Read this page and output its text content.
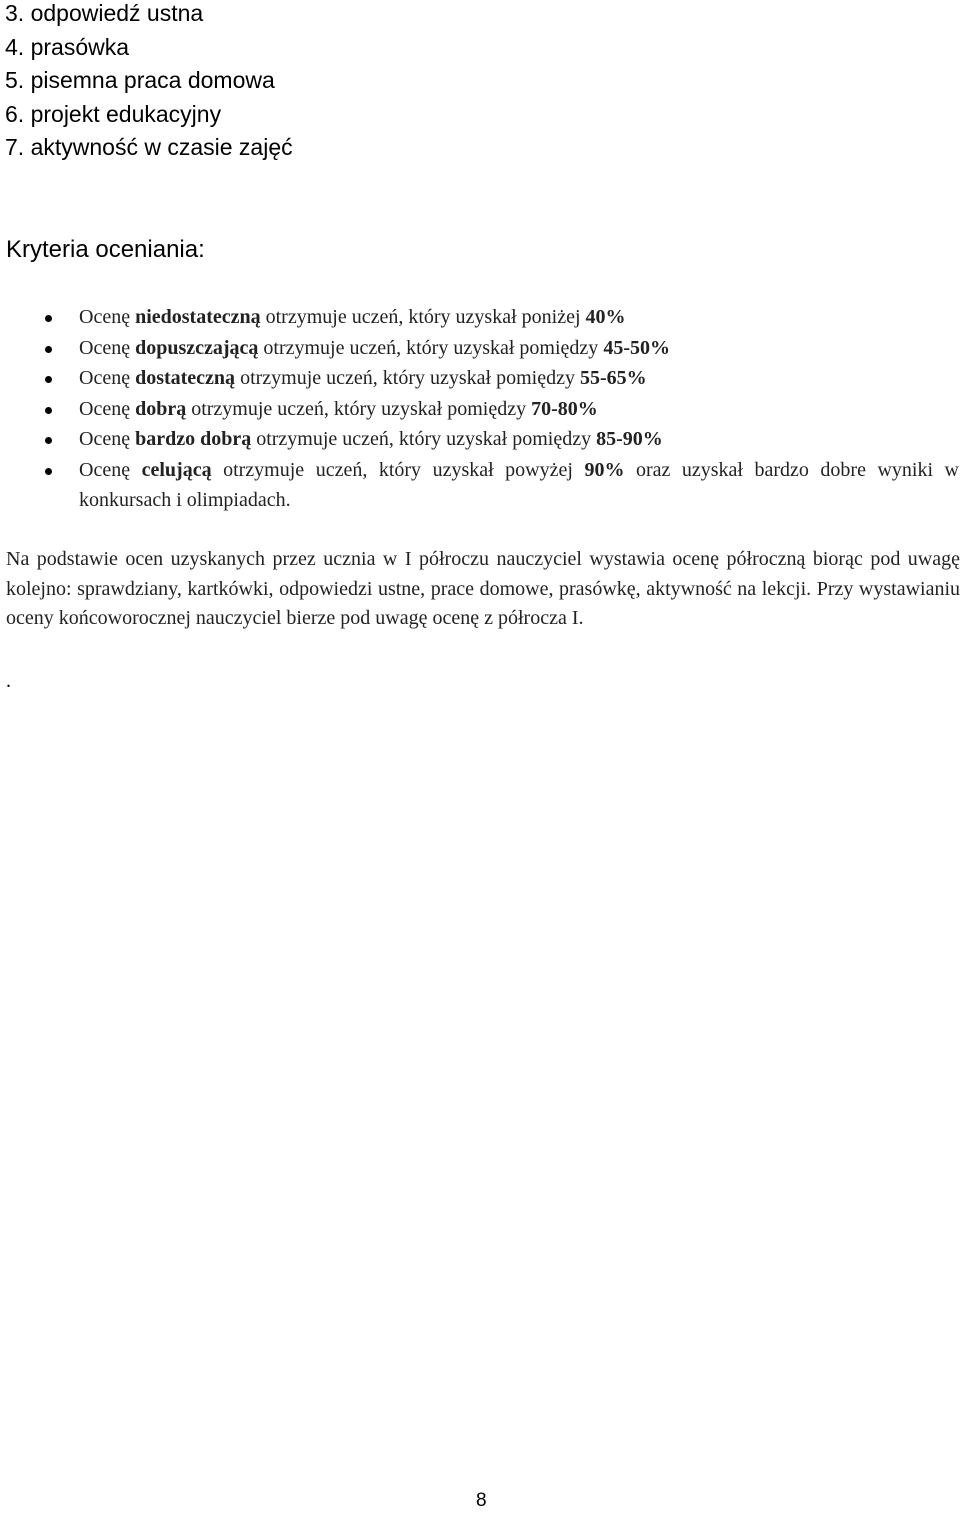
3. odpowiedź ustna
4. prasówka
5. pisemna praca domowa
6. projekt edukacyjny
7. aktywność w czasie zajęć
Kryteria oceniania:
Ocenę niedostateczną otrzymuje uczeń, który uzyskał poniżej 40%
Ocenę dopuszczającą otrzymuje uczeń, który uzyskał pomiędzy 45-50%
Ocenę dostateczną otrzymuje uczeń, który uzyskał pomiędzy 55-65%
Ocenę dobrą otrzymuje uczeń, który uzyskał pomiędzy 70-80%
Ocenę bardzo dobrą otrzymuje uczeń, który uzyskał pomiędzy 85-90%
Ocenę celującą otrzymuje uczeń, który uzyskał powyżej 90% oraz uzyskał bardzo dobre wyniki w konkursach i olimpiadach.

Na podstawie ocen uzyskanych przez ucznia w I półroczu nauczyciel wystawia ocenę półroczną biorąc pod uwagę kolejno: sprawdziany, kartkówki, odpowiedzi ustne, prace domowe, prasówkę, aktywność na lekcji. Przy wystawianiu oceny końcoworocznej nauczyciel bierze pod uwagę ocenę z półrocza I.

.
8
